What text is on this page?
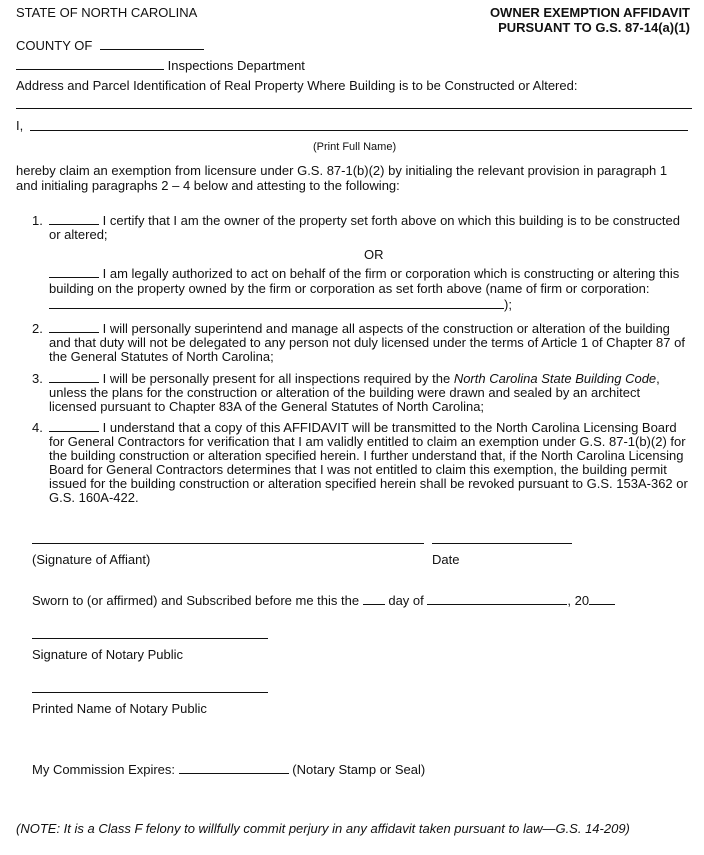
STATE OF NORTH CAROLINA	OWNER EXEMPTION AFFIDAVIT
PURSUANT TO G.S. 87-14(a)(1)
COUNTY OF
Inspections Department
Address and Parcel Identification of Real Property Where Building is to be Constructed or Altered:
I,
(Print Full Name)
hereby claim an exemption from licensure under G.S. 87-1(b)(2) by initialing the relevant provision in paragraph 1
and initialing paragraphs 2 – 4 below and attesting to the following:
1.	I certify that I am the owner of the property set forth above on which this building is to be constructed
or altered;
OR
I am legally authorized to act on behalf of the firm or corporation which is constructing or altering this
building on the property owned by the firm or corporation as set forth above (name of firm or corporation:
);
2.	I will personally superintend and manage all aspects of the construction or alteration of the building
and that duty will not be delegated to any person not duly licensed under the terms of Article 1 of Chapter 87 of
the General Statutes of North Carolina;
3.	I will be personally present for all inspections required by the North Carolina State Building Code,
unless the plans for the construction or alteration of the building were drawn and sealed by an architect
licensed pursuant to Chapter 83A of the General Statutes of North Carolina;
4.	I understand that a copy of this AFFIDAVIT will be transmitted to the North Carolina Licensing Board
for General Contractors for verification that I am validly entitled to claim an exemption under G.S. 87-1(b)(2) for
the building construction or alteration specified herein. I further understand that, if the North Carolina Licensing
Board for General Contractors determines that I was not entitled to claim this exemption, the building permit
issued for the building construction or alteration specified herein shall be revoked pursuant to G.S. 153A-362 or
G.S. 160A-422.
(Signature of Affiant)	Date
Sworn to (or affirmed) and Subscribed before me this the day of	, 20
Signature of Notary Public
Printed Name of Notary Public
My Commission Expires:	(Notary Stamp or Seal)
(NOTE: It is a Class F felony to willfully commit perjury in any affidavit taken pursuant to law—G.S. 14-209)
